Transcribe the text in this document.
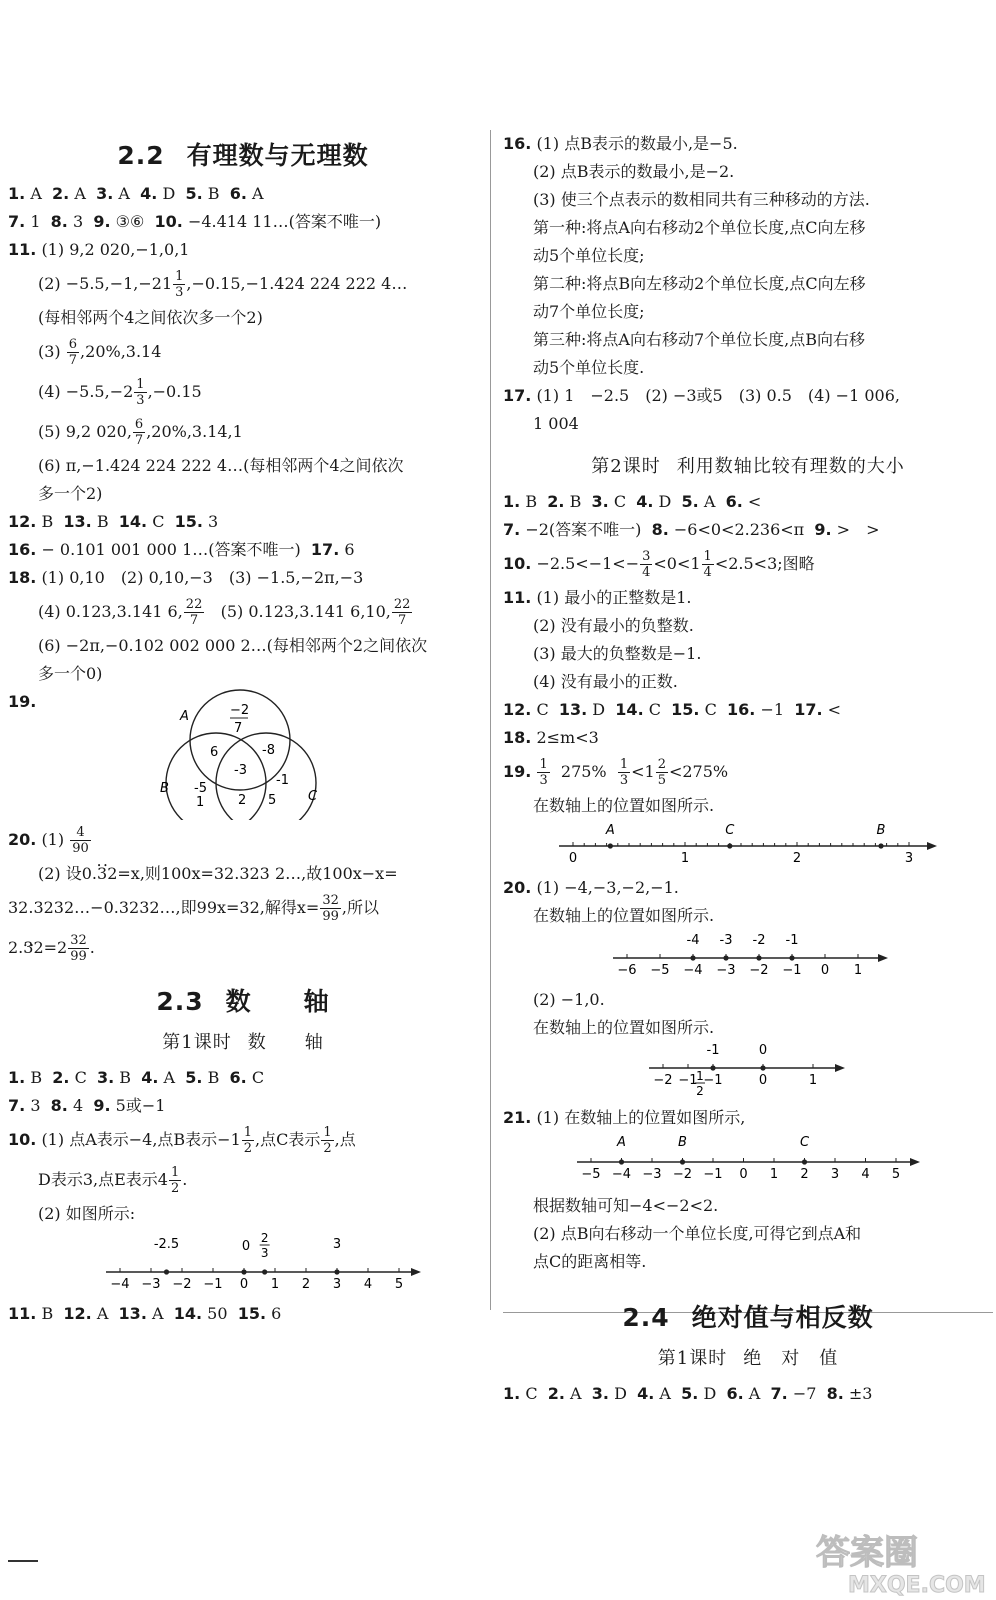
2.2 有理数与无理数
1. A 2. A 3. A 4. D 5. B 6. A
7. 1 8. 3 9. ③⑥ 10. −4.414 11…(答案不唯一)
11. (1) 9,2 020,−1,0,1
$(2) -5.5,-1,-21 \frac{1}{3} ,-0.15,-1.424$ 224 222 4…
(每相邻两个4之间依次多一个2)
$(3) \frac{6}{7} ,20\%,3.14$
$(4) -5.5,-2 \frac{1}{3} ,-0.15$
(5) 9,2 020, $\frac{6}{7} ,20\%,3.14,1$
(6) π,−1.424 224 222 4…(每相邻两个4之间依次
多一个2)
12. B 13. B 14. C 15. 3
16. − 0.101 001 000 1…(答案不唯一) 17. 6
18. (1) 0,10　(2) 0,10,−3　(3) −1.5,−2π,−3
(4) 0.123,3.141 6, $\frac{22}{7} (5)$ 0.123,3.141 6,10, $\frac{22}{7}$
(6) −2π,−0.102 002 000 2…(每相邻两个2之间依次
多一个0)
19.
A
B
C
−2
7
6
-3
-8
-5
1	2
-1
5
20. $(1) \frac{4}{90}$
(2) 设0.• • 32=x,则100x=32.323 2…,故100x−x=
32.3232…−0.3232…,即99x=32,解得$x= \frac{32}{99}$ ,所以
2.• • $32=2 \frac{32}{99}$ .
2.3 数　　轴
第1课时 数　　轴
1. B 2. C 3. B 4. A 5. B 6. C
7. 3 8. 4 9. 5或−1
10. (1) 点A表示−4,点B表示$-1 \frac{1}{2}$ ,点C表示 $\frac{1}{2}$ ,点
D表示3,点E表示$4 \frac{1}{2}$ .
(2) 如图所示:
−4 −3 −2 −1 0 1 2 3 4 5
-2.5	0
2
3
3
11. B 12. A 13. A 14. 50 15. 6
16. (1) 点B表示的数最小,是−5.
(2) 点B表示的数最小,是−2.
(3) 使三个点表示的数相同共有三种移动的方法.
第一种:将点A向右移动2个单位长度,点C向左移
动5个单位长度;
第二种:将点B向左移动2个单位长度,点C向左移
动7个单位长度;
第三种:将点A向右移动7个单位长度,点B向右移
动5个单位长度.
17. (1) 1　−2.5　(2) −3或5　(3) 0.5　(4) −1 006,
1 004
第2课时 利用数轴比较有理数的大小
1. B 2. B 3. C 4. D 5. A 6. <
7. −2(答案不唯一) 8. −6<0<2.236<π 9. >　>
10. $-2.5<-1<- \frac{3}{4} <0<1 \frac{1}{4} <2.5<3$;图略
11. (1) 最小的正整数是1.
(2) 没有最小的负整数.
(3) 最大的负整数是−1.
(4) 没有最小的正数.
12. C 13. D 14. C 15. C 16. −1 17. <
18. 2≤m<3
19. $\frac{1}{3} 275\% \frac{1}{3} <1 \frac{2}{5} <275\%$
在数轴上的位置如图所示.
0	1	2	3
A	C	B
20. (1) −4,−3,−2,−1.
在数轴上的位置如图所示.
−6 −5 −4 −3 −2 −1 0 1
-4 -3 -2 -1
(2) −1,0.
在数轴上的位置如图所示.
−2 −1 −1	0	1
1
2
-1	0
21. (1) 在数轴上的位置如图所示,
−5 −4 −3 −2 −1 0 1 2 3 4 5
A	B	C
根据数轴可知−4<−2<2.
(2) 点B向右移动一个单位长度,可得它到点A和
点C的距离相等.
2.4 绝对值与相反数
第1课时 绝　对　值
1. C 2. A 3. D 4. A 5. D 6. A 7. −7 8. ±3
答案圈
MXQE.COM
